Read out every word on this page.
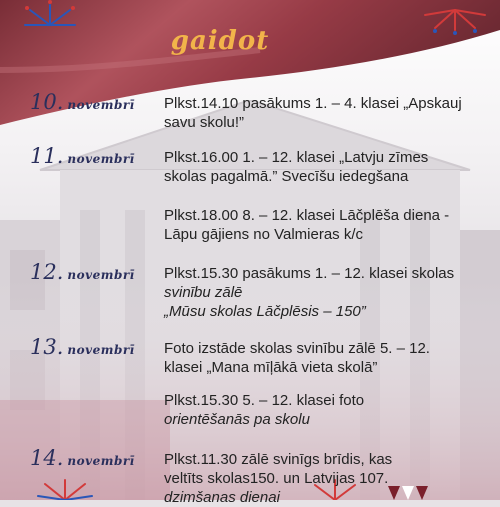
gaidot
10. novembrī Plkst.14.10 pasākums 1. – 4. klasei „Apskauj
savu skolu!”
11. novembrī Plkst.16.00 1. – 12. klasei „Latvju zīmes
skolas pagalmā.” Svecīšu iedegšana
Plkst.18.00 8. – 12. klasei Lāčplēša diena -
Lāpu gājiens no Valmieras k/c
12. novembrī Plkst.15.30 pasākums 1. – 12. klasei skolas
svinību zālē
„Mūsu skolas Lāčplēsis – 150”
13. novembrī Foto izstāde skolas svinību zālē 5. – 12.
klasei „Mana mīļākā vieta skolā”
Plkst.15.30 5. – 12. klasei foto
orientēšanās pa skolu
14. novembrī Plkst.11.30 zālē svinīgs brīdis, kas
veltīts skolas150. un Latvijas 107.
dzimšanas dienai
